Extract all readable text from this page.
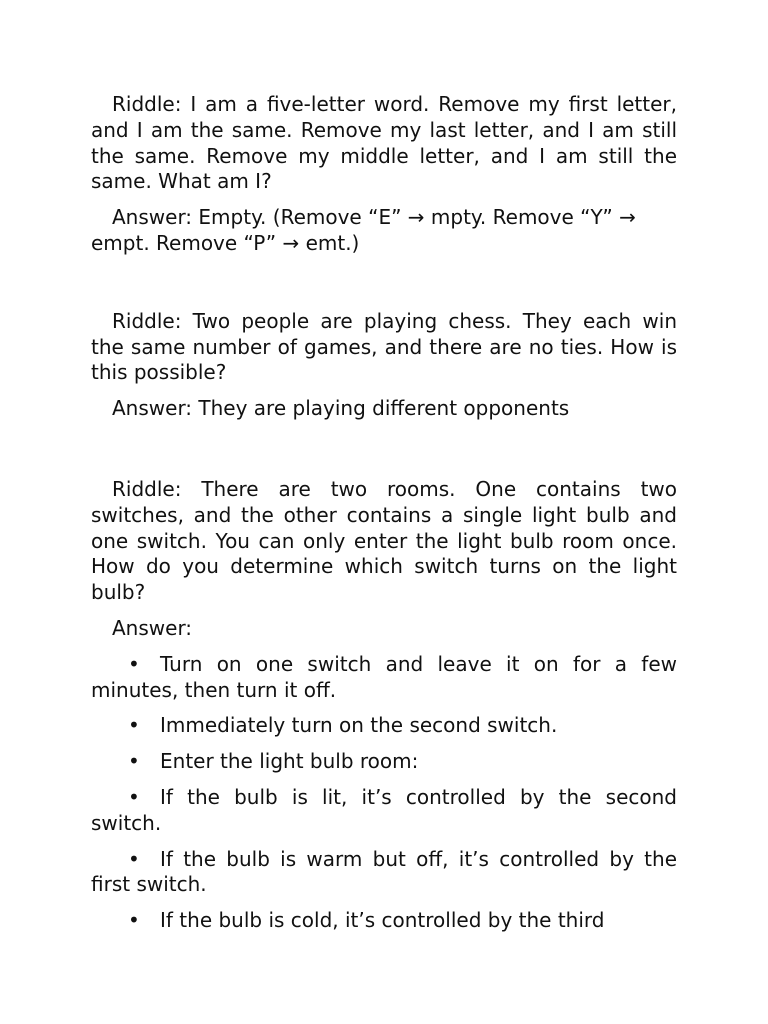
Riddle: I am a five-letter word. Remove my first letter, and I am the same. Remove my last letter, and I am still the same. Remove my middle letter, and I am still the same. What am I?

Answer: Empty. (Remove “E” → mpty. Remove “Y” → empt. Remove “P” → emt.)

Riddle: Two people are playing chess. They each win the same number of games, and there are no ties. How is this possible?

Answer: They are playing different opponents

Riddle: There are two rooms. One contains two switches, and the other contains a single light bulb and one switch. You can only enter the light bulb room once. How do you determine which switch turns on the light bulb?

Answer:

• Turn on one switch and leave it on for a few minutes, then turn it off.

• Immediately turn on the second switch.

• Enter the light bulb room:

• If the bulb is lit, it’s controlled by the second switch.

• If the bulb is warm but off, it’s controlled by the first switch.

• If the bulb is cold, it’s controlled by the third
